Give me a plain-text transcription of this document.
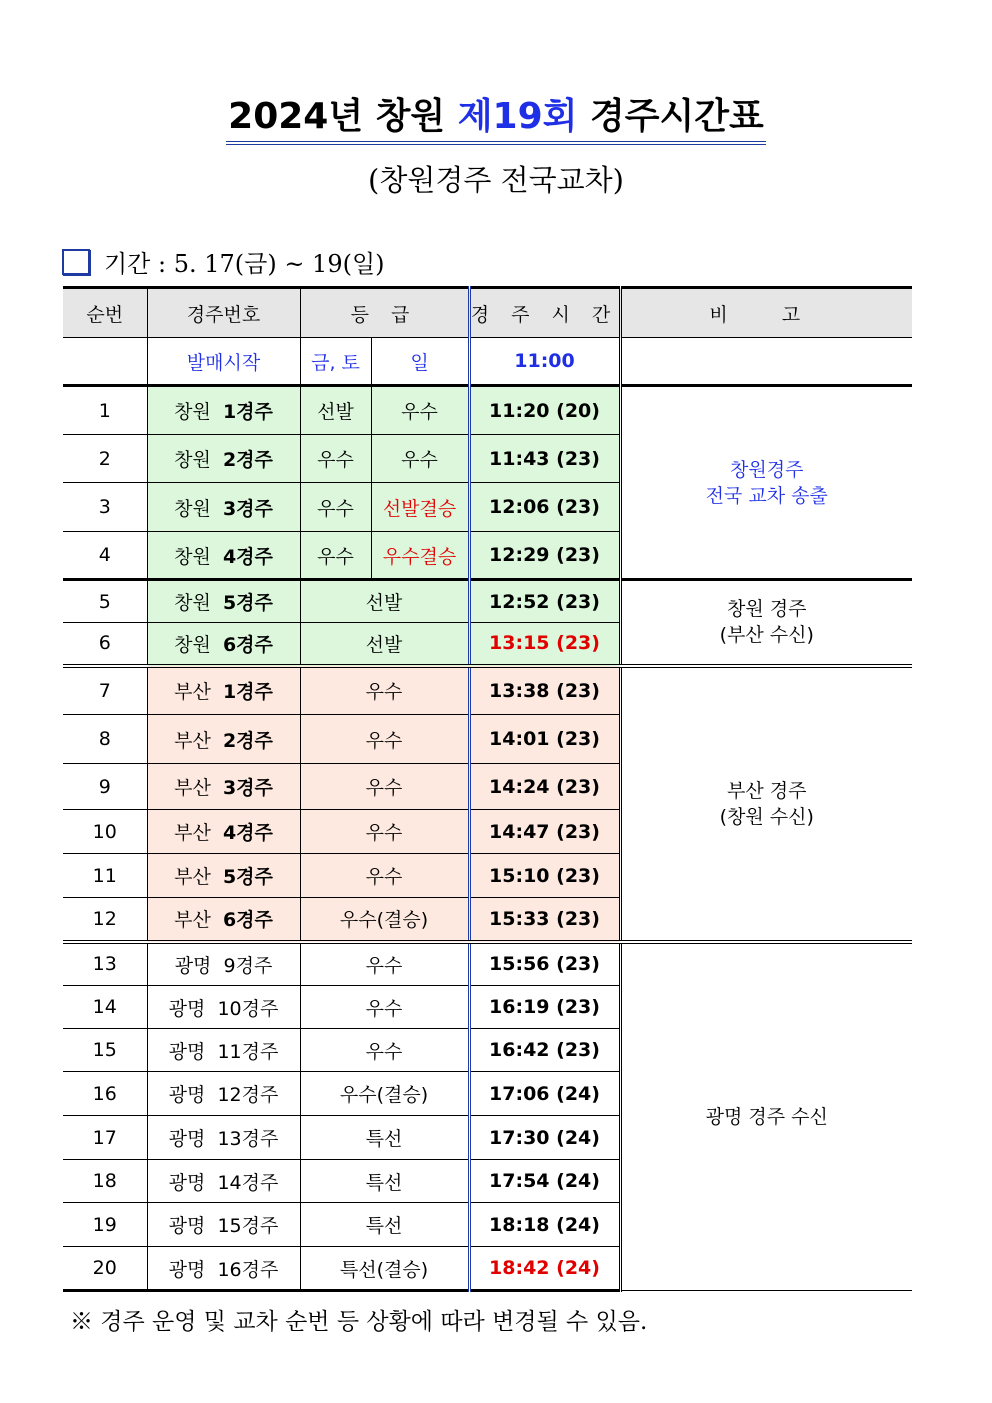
2024년 창원 제19회 경주시간표
(창원경주 전국교차)
기간 : 5. 17(금) ~ 19(일)
순번	경주번호	등 급		경 주 시 간	비 고
	발매시작	금, 토	일	11:00	
1	창원 1경주	선발	우수	11:20 (20)	창원경주
전국 교차 송출

2	창원 2경주	우수	우수	11:43 (23)	
3	창원 3경주	우수	선발결승	12:06 (23)	
4	창원 4경주	우수	우수결승	12:29 (23)	
5	창원 5경주	선발		12:52 (23)	창원 경주
(부산 수신)

6	창원 6경주	선발		13:15 (23)	
7	부산 1경주	우수		13:38 (23)	부산 경주
(창원 수신)

8	부산 2경주	우수		14:01 (23)	
9	부산 3경주	우수		14:24 (23)	
10	부산 4경주	우수		14:47 (23)	
11	부산 5경주	우수		15:10 (23)	
12	부산 6경주	우수(결승)		15:33 (23)	
13	광명 9경주	우수		15:56 (23)	광명 경주 수신

14	광명 10경주	우수		16:19 (23)	
15	광명 11경주	우수		16:42 (23)	
16	광명 12경주	우수(결승)		17:06 (24)	
17	광명 13경주	특선		17:30 (24)	
18	광명 14경주	특선		17:54 (24)	
19	광명 15경주	특선		18:18 (24)	
20	광명 16경주	특선(결승)		18:42 (24)	
※ 경주 운영 및 교차 순번 등 상황에 따라 변경될 수 있음.
